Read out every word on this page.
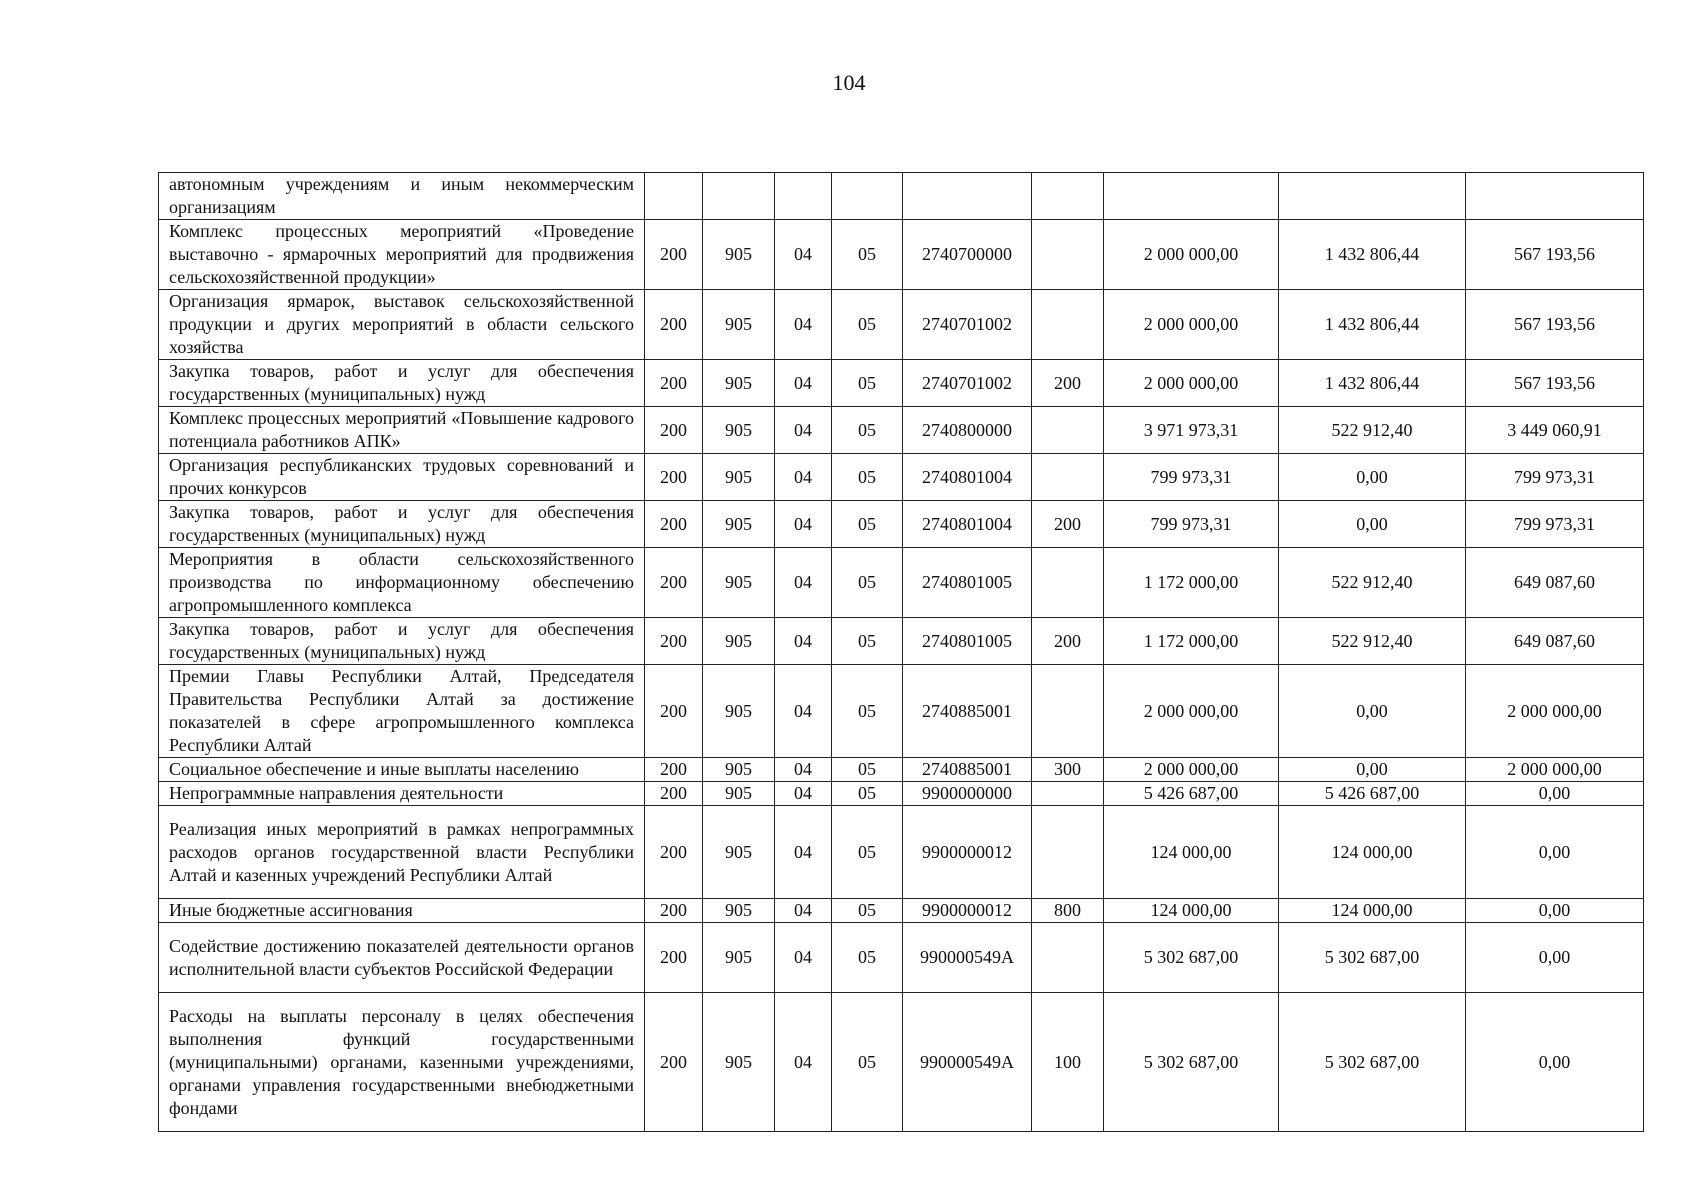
104
автономным учреждениям и иным некоммерческим организациям									
Комплекс процессных мероприятий «Проведение выставочно - ярмарочных мероприятий для продвижения сельскохозяйственной продукции»	200	905	04	05	2740700000		2 000 000,00	1 432 806,44	567 193,56
Организация ярмарок, выставок сельскохозяйственной продукции и других мероприятий в области сельского хозяйства	200	905	04	05	2740701002		2 000 000,00	1 432 806,44	567 193,56
Закупка товаров, работ и услуг для обеспечения государственных (муниципальных) нужд	200	905	04	05	2740701002	200	2 000 000,00	1 432 806,44	567 193,56
Комплекс процессных мероприятий «Повышение кадрового потенциала работников АПК»	200	905	04	05	2740800000		3 971 973,31	522 912,40	3 449 060,91
Организация республиканских трудовых соревнований и прочих конкурсов	200	905	04	05	2740801004		799 973,31	0,00	799 973,31
Закупка товаров, работ и услуг для обеспечения государственных (муниципальных) нужд	200	905	04	05	2740801004	200	799 973,31	0,00	799 973,31
Мероприятия в области сельскохозяйственного производства по информационному обеспечению агропромышленного комплекса	200	905	04	05	2740801005		1 172 000,00	522 912,40	649 087,60
Закупка товаров, работ и услуг для обеспечения государственных (муниципальных) нужд	200	905	04	05	2740801005	200	1 172 000,00	522 912,40	649 087,60
Премии Главы Республики Алтай, Председателя Правительства Республики Алтай за достижение показателей в сфере агропромышленного комплекса Республики Алтай	200	905	04	05	2740885001		2 000 000,00	0,00	2 000 000,00
Социальное обеспечение и иные выплаты населению	200	905	04	05	2740885001	300	2 000 000,00	0,00	2 000 000,00
Непрограммные направления деятельности	200	905	04	05	9900000000		5 426 687,00	5 426 687,00	0,00
Реализация иных мероприятий в рамках непрограммных расходов органов государственной власти Республики Алтай и казенных учреждений Республики Алтай	200	905	04	05	9900000012		124 000,00	124 000,00	0,00
Иные бюджетные ассигнования	200	905	04	05	9900000012	800	124 000,00	124 000,00	0,00
Содействие достижению показателей деятельности органов исполнительной власти субъектов Российской Федерации	200	905	04	05	990000549А		5 302 687,00	5 302 687,00	0,00
Расходы на выплаты персоналу в целях обеспечения выполнения функций государственными (муниципальными) органами, казенными учреждениями, органами управления государственными внебюджетными фондами	200	905	04	05	990000549А	100	5 302 687,00	5 302 687,00	0,00
